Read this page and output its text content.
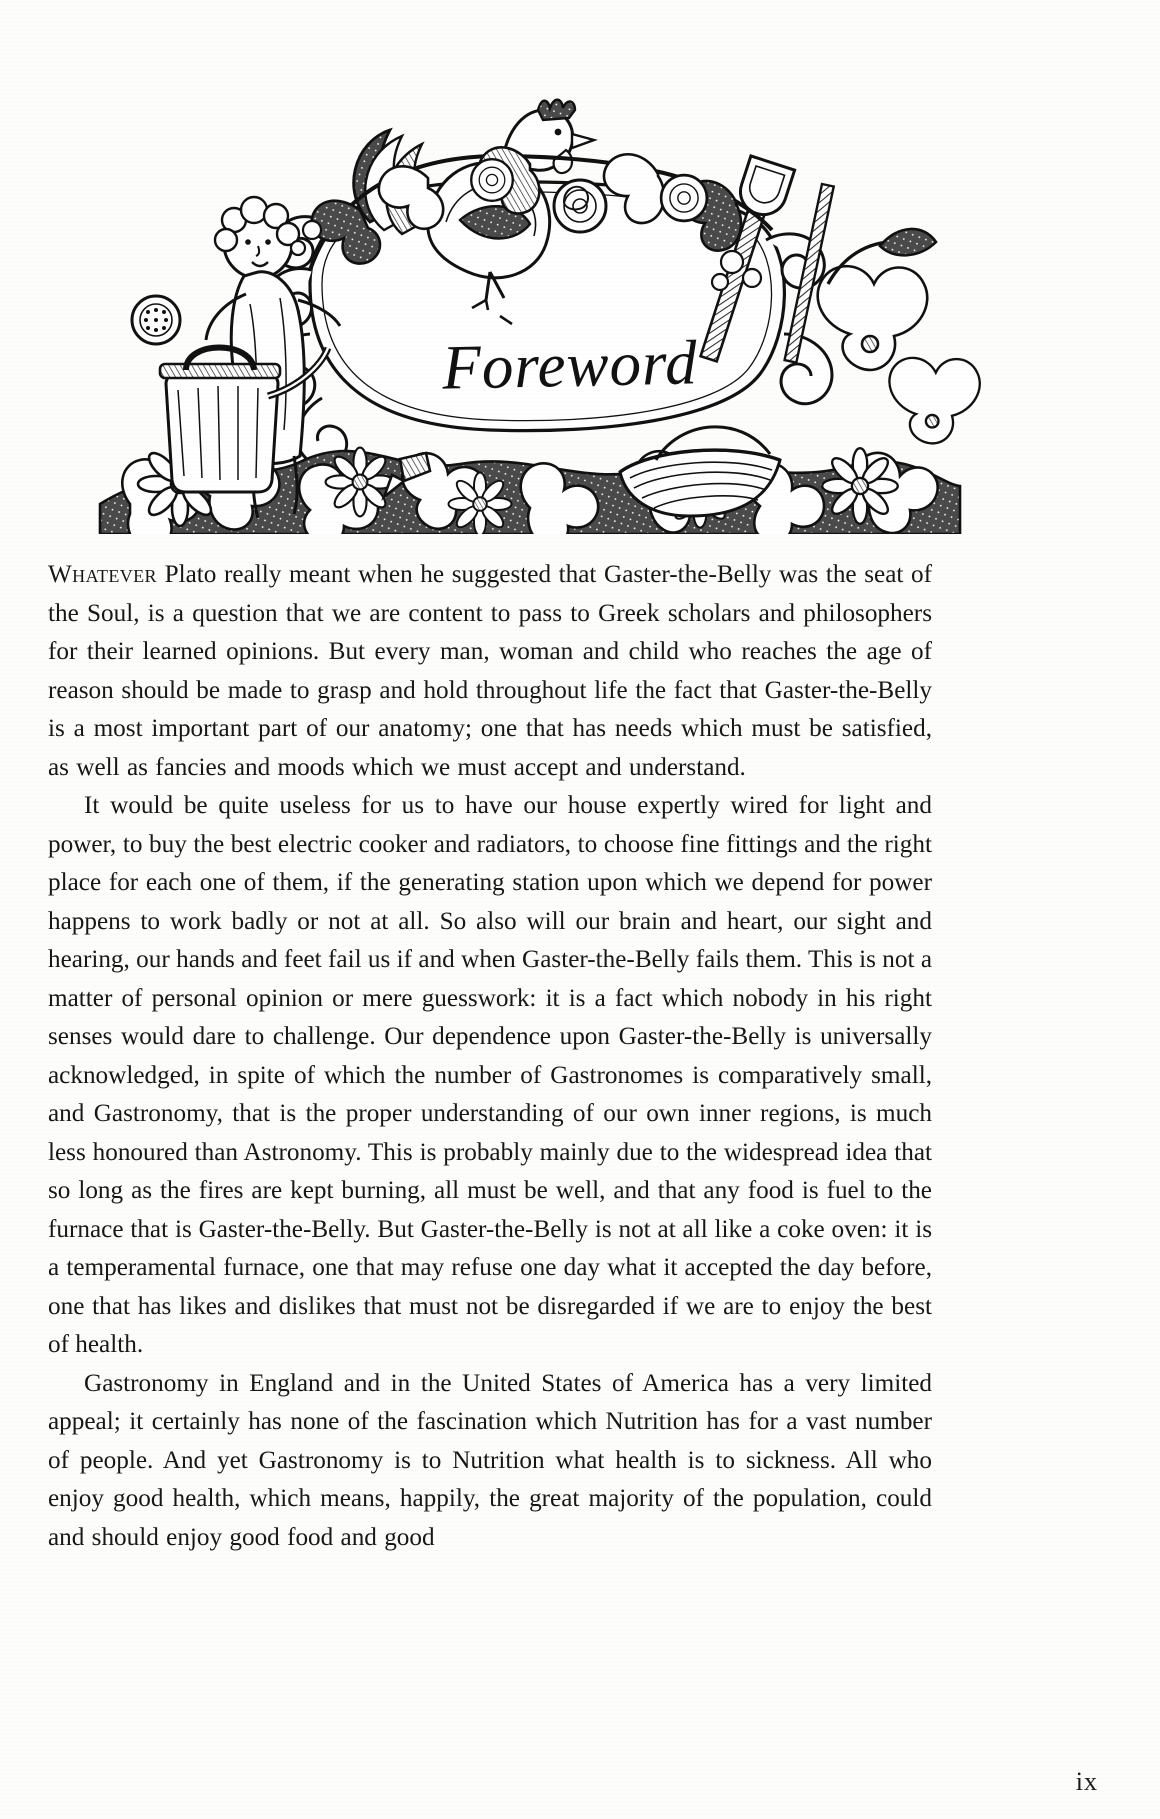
Foreword

Whatever Plato really meant when he suggested that Gaster-the-Belly was the seat of the Soul, is a question that we are content to pass to Greek scholars and philosophers for their learned opinions. But every man, woman and child who reaches the age of reason should be made to grasp and hold throughout life the fact that Gaster-the-Belly is a most important part of our anatomy; one that has needs which must be satisfied, as well as fancies and moods which we must accept and understand.

It would be quite useless for us to have our house expertly wired for light and power, to buy the best electric cooker and radiators, to choose fine fittings and the right place for each one of them, if the generating station upon which we depend for power happens to work badly or not at all. So also will our brain and heart, our sight and hearing, our hands and feet fail us if and when Gaster-the-Belly fails them. This is not a matter of personal opinion or mere guesswork: it is a fact which nobody in his right senses would dare to challenge. Our dependence upon Gaster-the-Belly is universally acknowledged, in spite of which the number of Gastronomes is comparatively small, and Gastronomy, that is the proper understanding of our own inner regions, is much less honoured than Astronomy. This is probably mainly due to the widespread idea that so long as the fires are kept burning, all must be well, and that any food is fuel to the furnace that is Gaster-the-Belly. But Gaster-the-Belly is not at all like a coke oven: it is a temperamental furnace, one that may refuse one day what it accepted the day before, one that has likes and dislikes that must not be disregarded if we are to enjoy the best of health.

Gastronomy in England and in the United States of America has a very limited appeal; it certainly has none of the fascination which Nutrition has for a vast number of people. And yet Gastronomy is to Nutrition what health is to sickness. All who enjoy good health, which means, happily, the great majority of the population, could and should enjoy good food and good

ix
